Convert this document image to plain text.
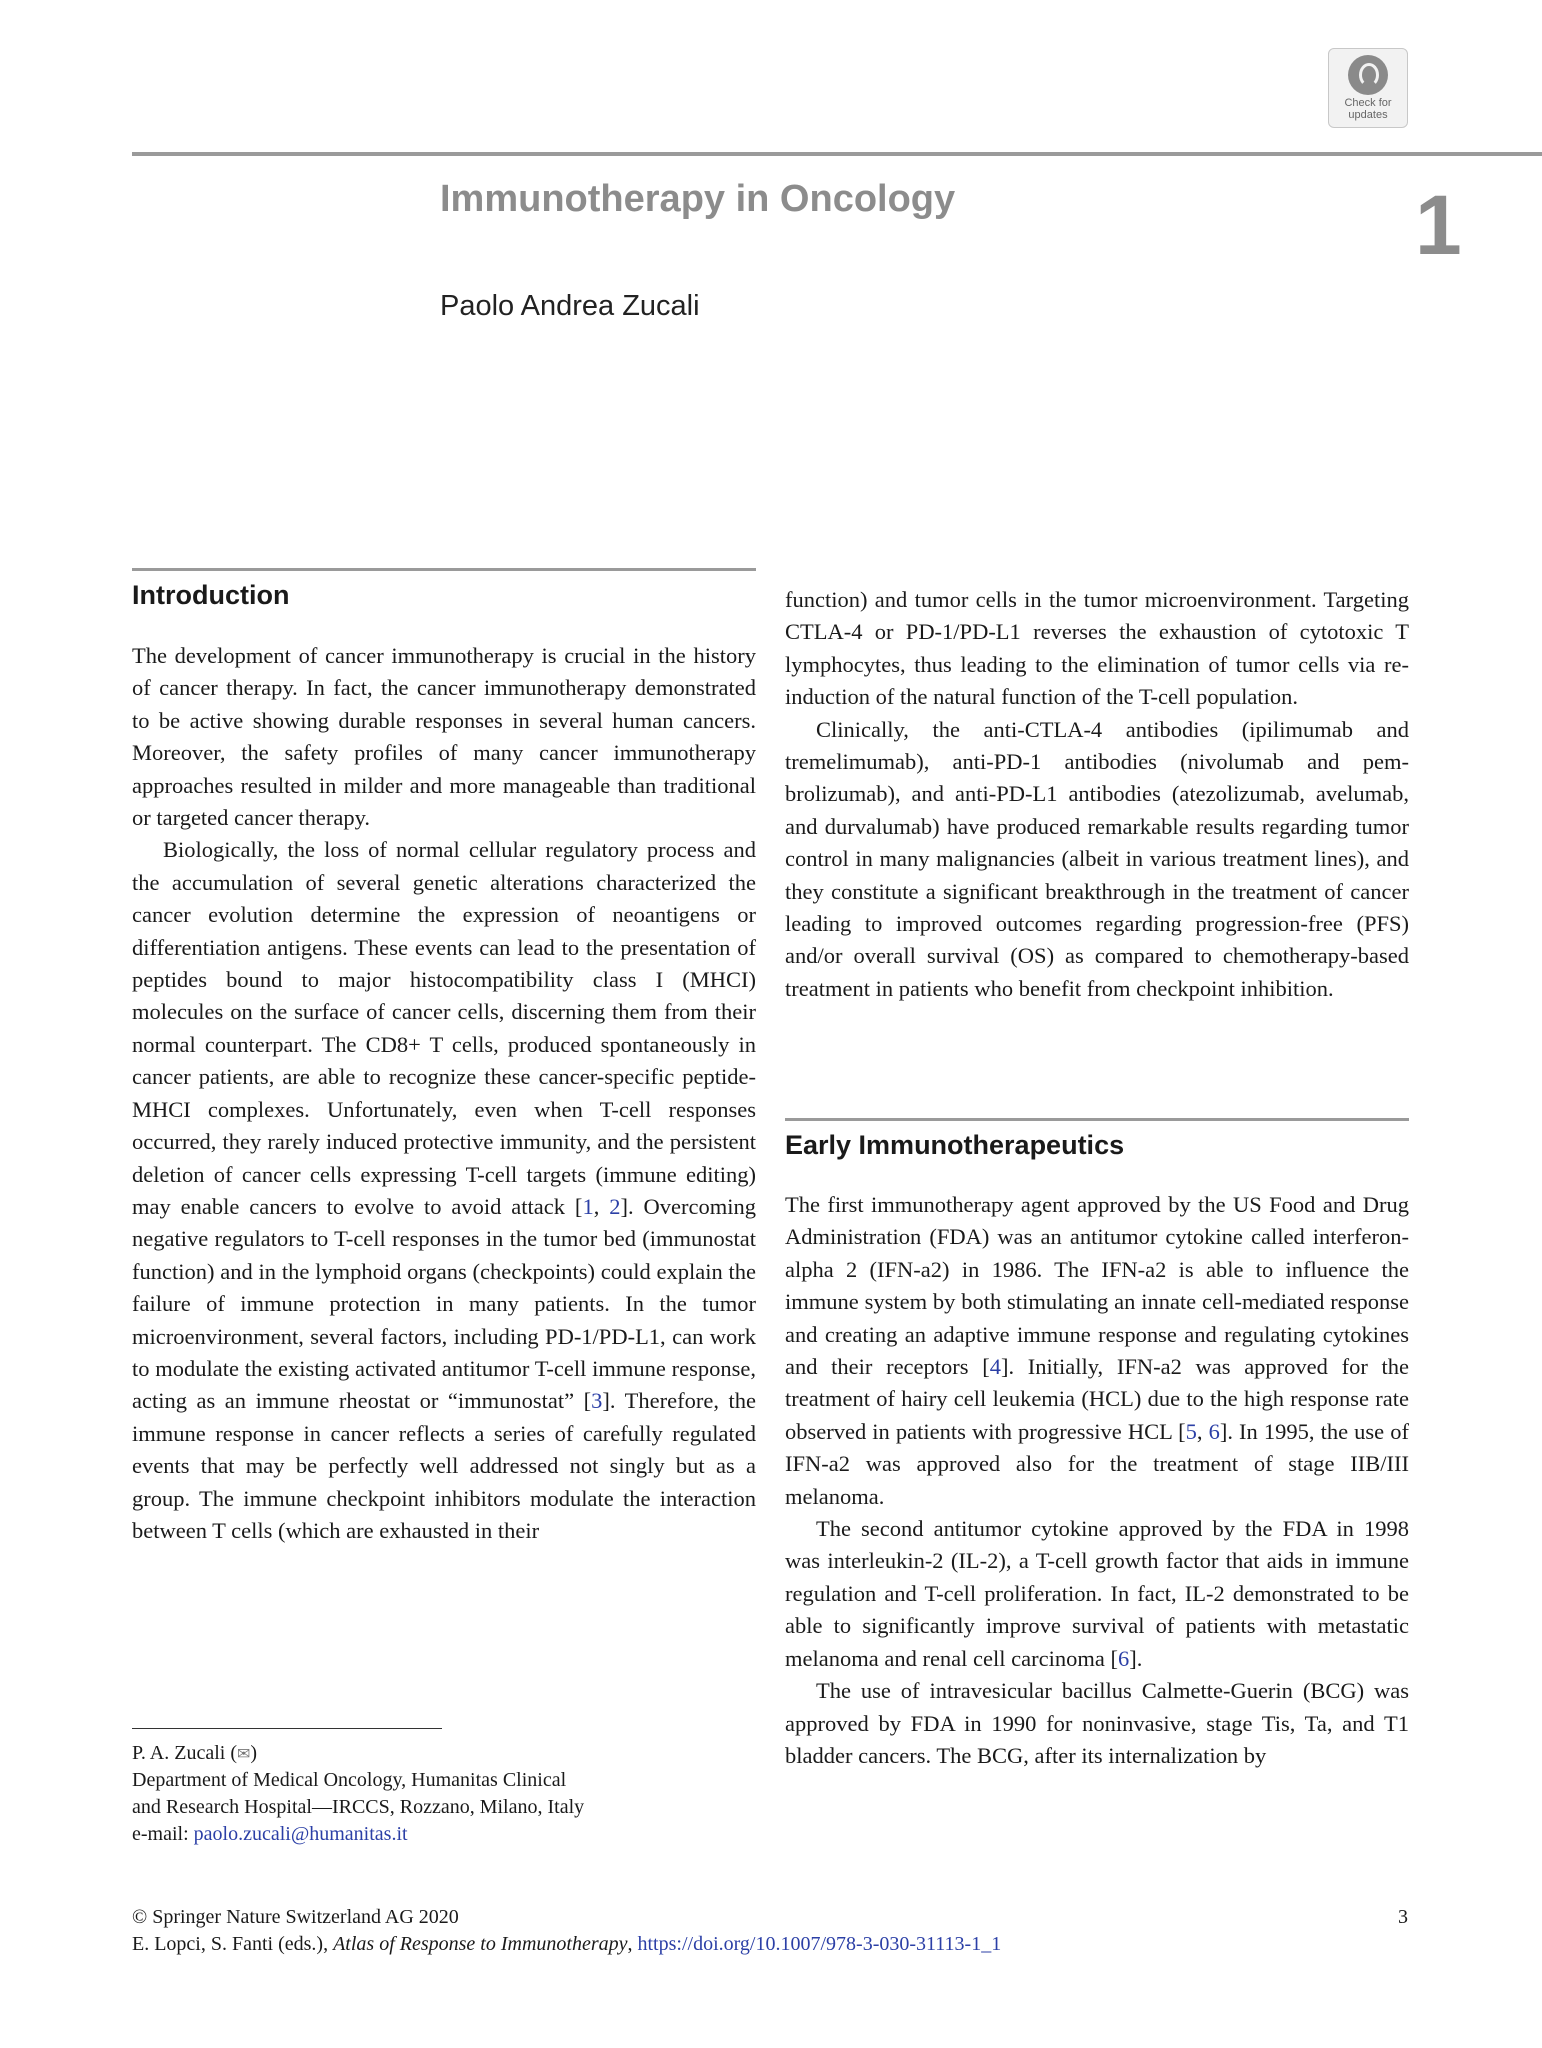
Check for
updates
Immunotherapy in Oncology	1
Paolo Andrea Zucali
Introduction

The development of cancer immunotherapy is crucial in the history of cancer therapy. In fact, the cancer immunotherapy demonstrated to be active showing durable responses in several human cancers. Moreover, the safety profiles of many cancer immunotherapy approaches resulted in milder and more manageable than traditional or targeted cancer therapy.

Biologically, the loss of normal cellular regulatory process and the accumulation of several genetic alterations characterized the cancer evolution determine the expression of neoantigens or differentiation antigens. These events can lead to the presentation of peptides bound to major histocompatibility class I (MHCI) molecules on the surface of cancer cells, discerning them from their normal counterpart. The CD8+ T cells, produced spontaneously in cancer patients, are able to recognize these cancer-specific peptide-MHCI complexes. Unfortunately, even when T-cell responses occurred, they rarely induced protective immunity, and the persistent deletion of cancer cells expressing T-cell targets (immune editing) may enable cancers to evolve to avoid attack [1, 2]. Overcoming negative regulators to T-cell responses in the tumor bed (immunostat function) and in the lymphoid organs (checkpoints) could explain the failure of immune protection in many patients. In the tumor microenvironment, several factors, including PD-1/PD-L1, can work to modulate the existing activated antitumor T-cell immune response, acting as an immune rheostat or “immunostat” [3]. Therefore, the immune response in cancer reflects a series of carefully regulated events that may be perfectly well addressed not singly but as a group. The immune checkpoint inhibitors modulate the interaction between T cells (which are exhausted in their

function) and tumor cells in the tumor microenvironment. Targeting CTLA-4 or PD-1/PD-L1 reverses the exhaustion of cytotoxic T lymphocytes, thus leading to the elimination of tumor cells via re-induction of the natural function of the T-cell population.

Clinically, the anti-CTLA-4 antibodies (ipilimumab and tremelimumab), anti-PD-1 antibodies (nivolumab and pembrolizumab), and anti-PD-L1 antibodies (atezolizumab, avelumab, and durvalumab) have produced remarkable results regarding tumor control in many malignancies (albeit in various treatment lines), and they constitute a significant breakthrough in the treatment of cancer leading to improved outcomes regarding progression-free (PFS) and/or overall survival (OS) as compared to chemotherapy-based treatment in patients who benefit from checkpoint inhibition.

Early Immunotherapeutics

The first immunotherapy agent approved by the US Food and Drug Administration (FDA) was an antitumor cytokine called interferon-alpha 2 (IFN-a2) in 1986. The IFN-a2 is able to influence the immune system by both stimulating an innate cell-mediated response and creating an adaptive immune response and regulating cytokines and their receptors [4]. Initially, IFN-a2 was approved for the treatment of hairy cell leukemia (HCL) due to the high response rate observed in patients with progressive HCL [5, 6]. In 1995, the use of IFN-a2 was approved also for the treatment of stage IIB/III melanoma.

The second antitumor cytokine approved by the FDA in 1998 was interleukin-2 (IL-2), a T-cell growth factor that aids in immune regulation and T-cell proliferation. In fact, IL-2 demonstrated to be able to significantly improve survival of patients with metastatic melanoma and renal cell carcinoma [6].

The use of intravesicular bacillus Calmette-Guerin (BCG) was approved by FDA in 1990 for noninvasive, stage Tis, Ta, and T1 bladder cancers. The BCG, after its internalization by

P. A. Zucali (✉)
Department of Medical Oncology, Humanitas Clinical
and Research Hospital—IRCCS, Rozzano, Milano, Italy
e-mail: paolo.zucali@humanitas.it
© Springer Nature Switzerland AG 2020	3
E. Lopci, S. Fanti (eds.), Atlas of Response to Immunotherapy, https://doi.org/10.1007/978-3-030-31113-1_1
